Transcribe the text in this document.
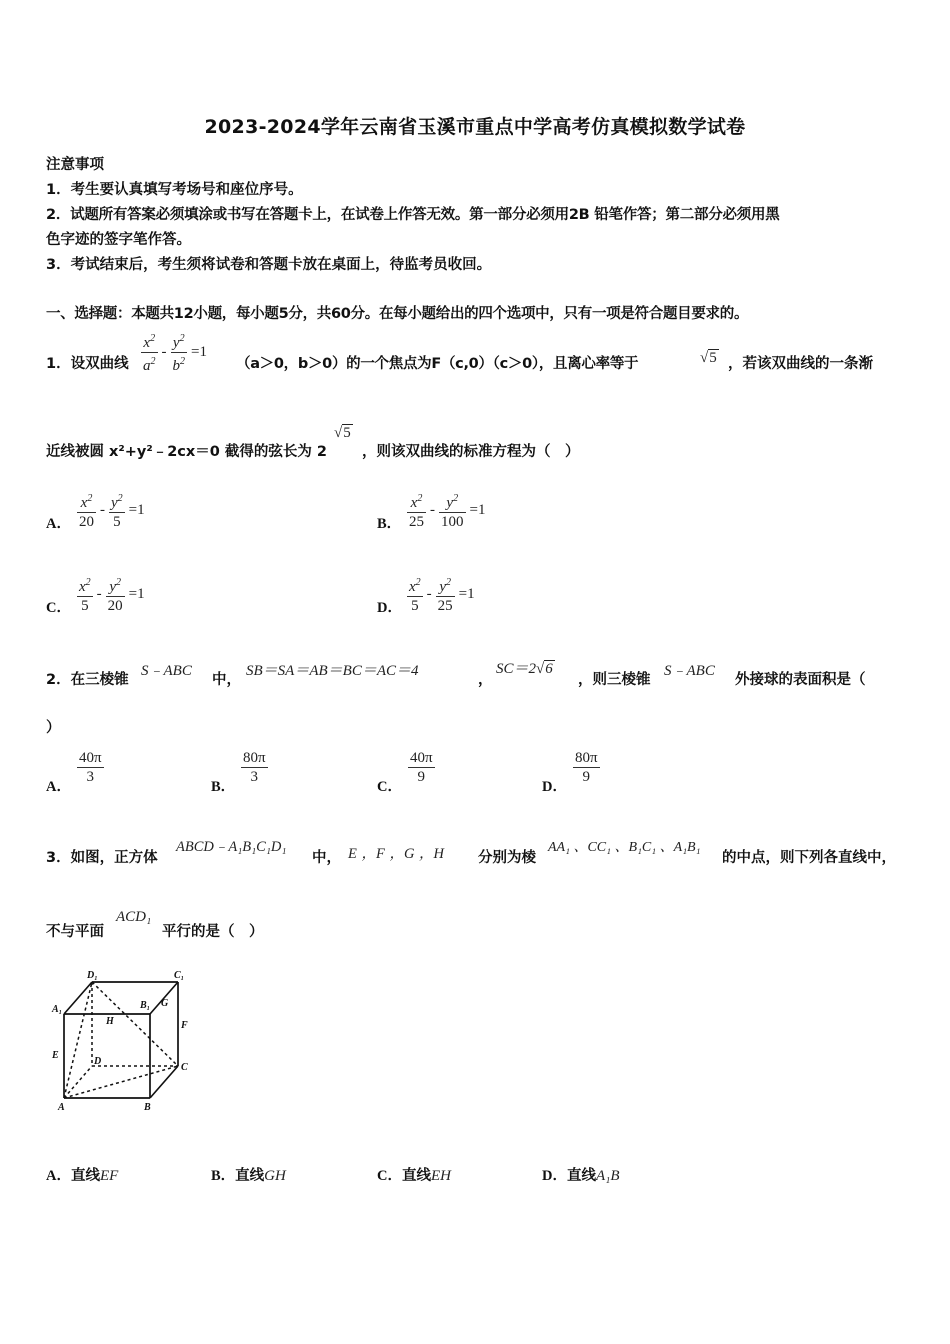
2023-2024学年云南省玉溪市重点中学高考仿真模拟数学试卷
注意事项
1．考生要认真填写考场号和座位序号。
2．试题所有答案必须填涂或书写在答题卡上，在试卷上作答无效。第一部分必须用2B 铅笔作答；第二部分必须用黑
色字迹的签字笔作答。
3．考试结束后，考生须将试卷和答题卡放在桌面上，待监考员收回。
一、选择题：本题共12小题，每小题5分，共60分。在每小题给出的四个选项中，只有一项是符合题目要求的。
1．设双曲线 $\frac{x^2}{a^2} - \frac{y^2}{b^2} =1$
（a＞0，b＞0）的一个焦点为F（c,0）（c＞0），且离心率等于	√5 ，若该双曲线的一条渐
近线被圆 x²+y²﹣2cx＝0 截得的弦长为 2
√5
，则该双曲线的标准方程为（　）
A． $\frac{x^2}{20} - \frac{y^2}{5} =1$
B． $\frac{x^2}{25} - \frac{y^2}{100} =1$
C． $\frac{x^2}{5} - \frac{y^2}{20} =1$
D． $\frac{x^2}{5} - \frac{y^2}{25} =1$
2．在三棱锥
S﹣ABC
中，
SB＝SA＝AB＝BC＝AC＝4
，
SC＝2√6
，则三棱锥
S﹣ABC
外接球的表面积是（
）
A．
$\frac{40\pi}{3}$
B．
$\frac{80\pi}{3}$
C．
$\frac{40\pi}{9}$
D．
$\frac{80\pi}{9}$
3．如图，正方体
ABCD﹣A₁B₁C₁D₁
中， E ，F ，G ，H 分别为棱
AA₁ 、CC₁ 、B₁C₁ 、A₁B₁
的中点，则下列各直线中，
不与平面
ACD₁
平行的是（　）
D₁	C₁
A₁	B₁ G
F
H
E
D
C
A	B
A．直线EF	B．直线GH	C．直线EH	D．直线A₁B
